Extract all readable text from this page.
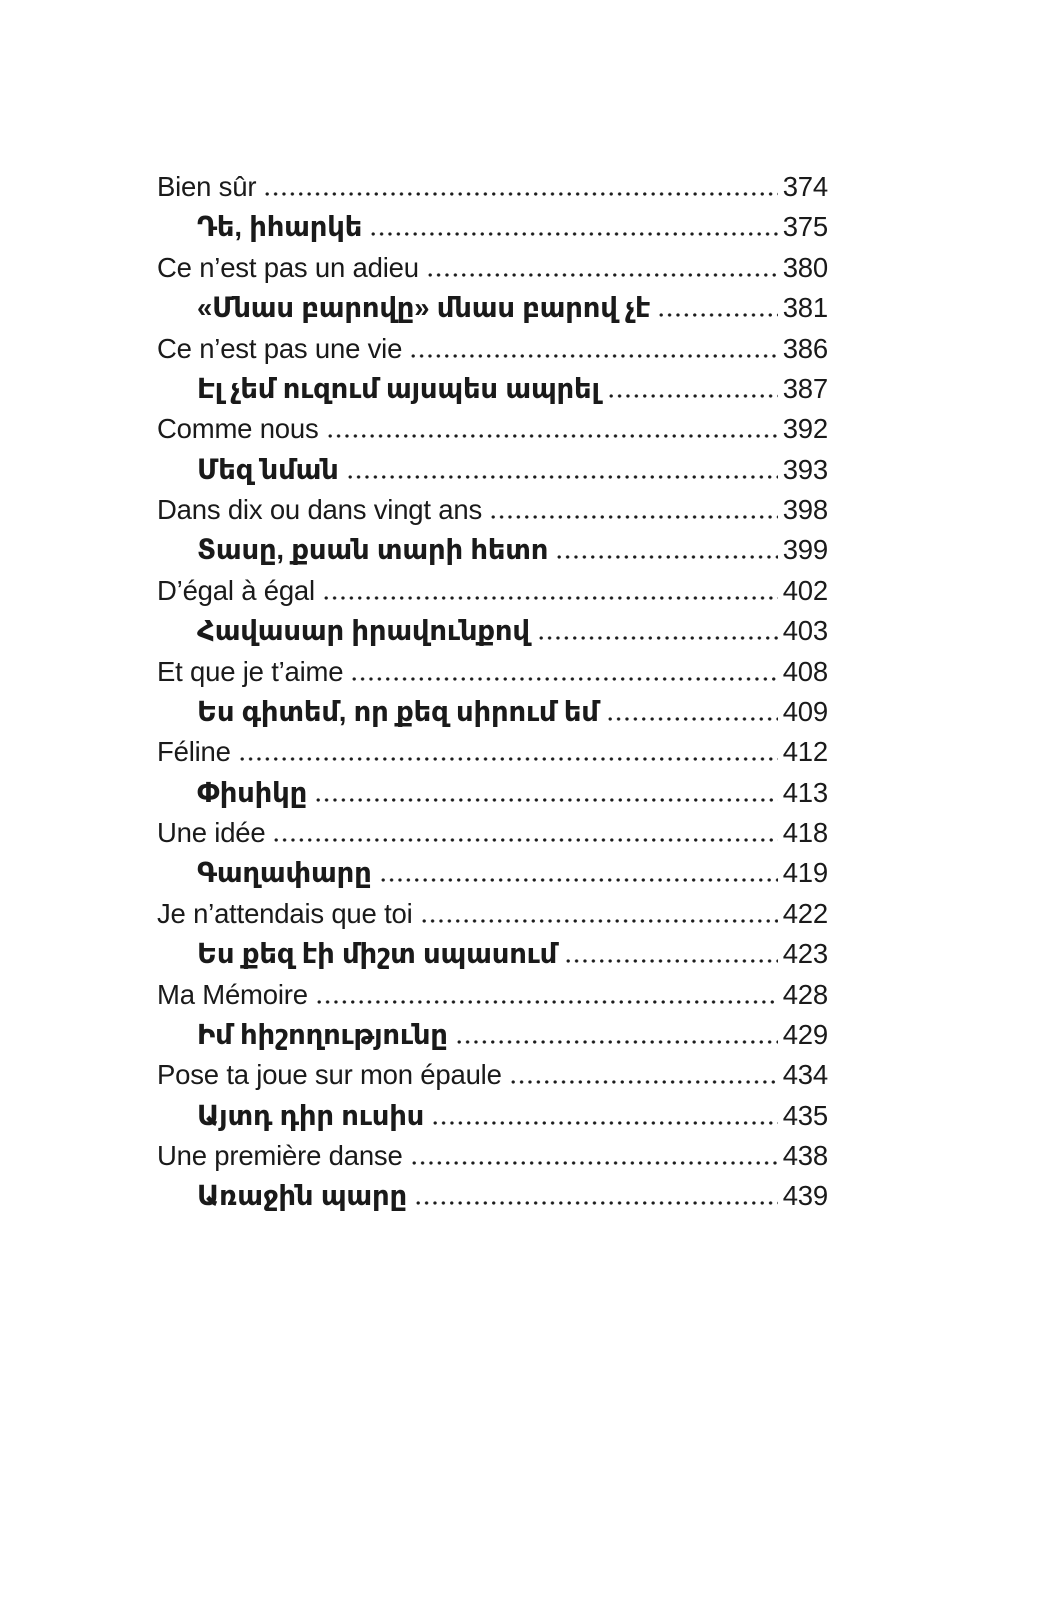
Bien sûr	374
Դե, իհարկե	375
Ce n’est pas un adieu	380
«Մնաս բարովը» մնաս բարով չէ	381
Ce n’est pas une vie	386
Էլ չեմ ուզում այսպես ապրել	387
Comme nous	392
Մեզ նման	393
Dans dix ou dans vingt ans	398
Տասը, քսան տարի հետո	399
D’égal à égal	402
Հավասար իրավունքով	403
Et que je t’aime	408
Ես գիտեմ, որ քեզ սիրում եմ	409
Féline	412
Փիսիկը	413
Une idée	418
Գաղափարը	419
Je n’attendais que toi	422
Ես քեզ էի միշտ սպասում	423
Ma Mémoire	428
Իմ հիշողությունը	429
Pose ta joue sur mon épaule	434
Այտդ դիր ուսիս	435
Une première danse	438
Առաջին պարը	439
